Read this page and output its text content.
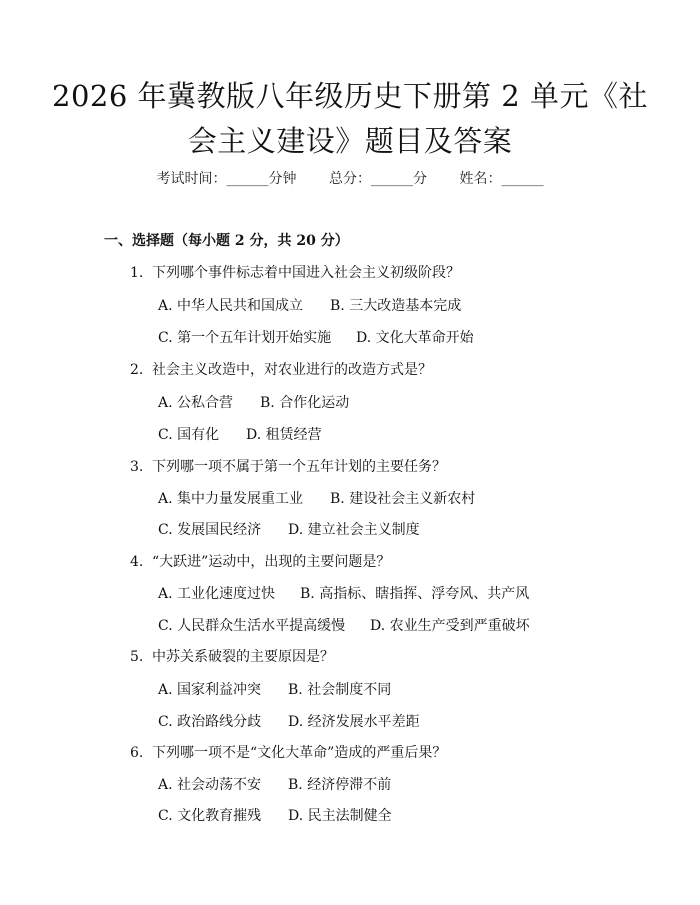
2026 年冀教版八年级历史下册第 2 单元《社
会主义建设》题目及答案
考试时间：______分钟 总分：______分 姓名：______
一、选择题（每小题 2 分，共 20 分）
1. 下列哪个事件标志着中国进入社会主义初级阶段？
A. 中华人民共和国成立 B. 三大改造基本完成
C. 第一个五年计划开始实施 D. 文化大革命开始
2. 社会主义改造中，对农业进行的改造方式是？
A. 公私合营 B. 合作化运动
C. 国有化 D. 租赁经营
3. 下列哪一项不属于第一个五年计划的主要任务？
A. 集中力量发展重工业 B. 建设社会主义新农村
C. 发展国民经济 D. 建立社会主义制度
4. “大跃进”运动中，出现的主要问题是？
A. 工业化速度过快 B. 高指标、瞎指挥、浮夸风、共产风
C. 人民群众生活水平提高缓慢 D. 农业生产受到严重破坏
5. 中苏关系破裂的主要原因是？
A. 国家利益冲突 B. 社会制度不同
C. 政治路线分歧 D. 经济发展水平差距
6. 下列哪一项不是“文化大革命”造成的严重后果？
A. 社会动荡不安 B. 经济停滞不前
C. 文化教育摧残 D. 民主法制健全
